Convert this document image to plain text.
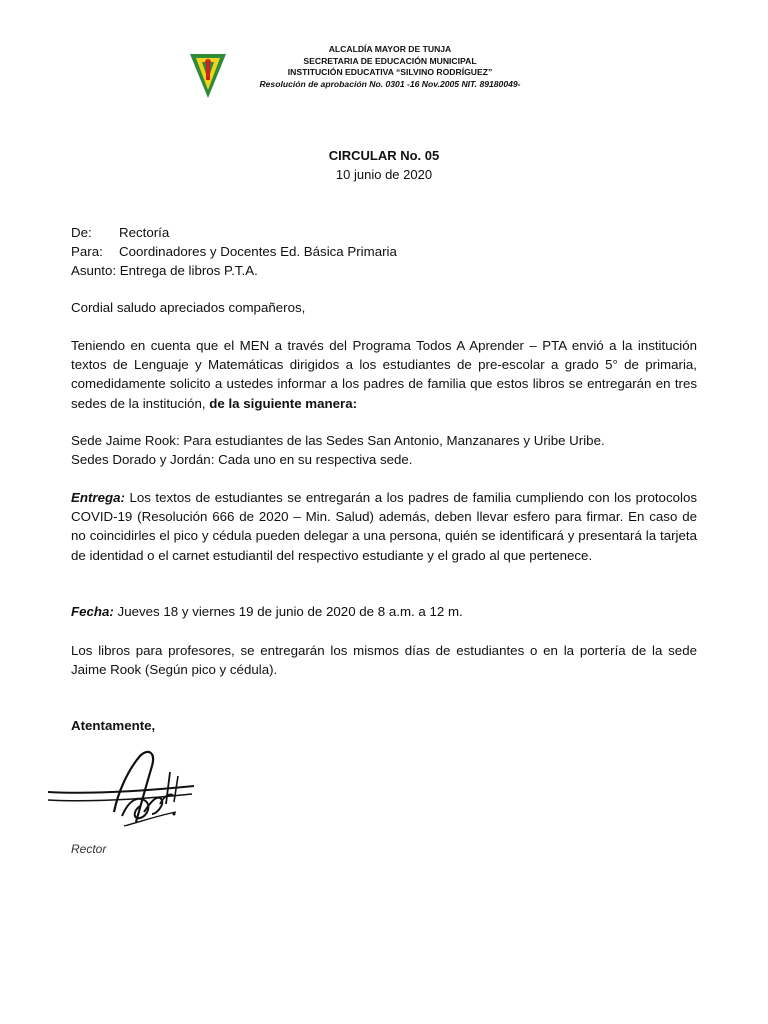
ALCALDÍA MAYOR DE TUNJA
SECRETARIA DE EDUCACIÓN MUNICIPAL
INSTITUCIÓN EDUCATIVA “SILVINO RODRÍGUEZ”
Resolución de aprobación No. 0301 -16 Nov.2005 NIT. 89180049-
CIRCULAR No. 05
10 junio de 2020
De:	Rectoría
Para:	Coordinadores y Docentes Ed. Básica Primaria
Asunto: Entrega de libros P.T.A.
Cordial saludo apreciados compañeros,
Teniendo en cuenta que el MEN a través del Programa Todos A Aprender – PTA envió a la institución textos de Lenguaje y Matemáticas dirigidos a los estudiantes de pre-escolar a grado 5° de primaria, comedidamente solicito a ustedes informar a los padres de familia que estos libros se entregarán en tres sedes de la institución, de la siguiente manera:
Sede Jaime Rook: Para estudiantes de las Sedes San Antonio, Manzanares y Uribe Uribe.
Sedes Dorado y Jordán: Cada uno en su respectiva sede.
Entrega: Los textos de estudiantes se entregarán a los padres de familia cumpliendo con los protocolos COVID-19 (Resolución 666 de 2020 – Min. Salud) además, deben llevar esfero para firmar. En caso de no coincidirles el pico y cédula pueden delegar a una persona, quién se identificará y presentará la tarjeta de identidad o el carnet estudiantil del respectivo estudiante y el grado al que pertenece.
Fecha: Jueves 18 y viernes 19 de junio de 2020 de 8 a.m. a 12 m.
Los libros para profesores, se entregarán los mismos días de estudiantes o en la portería de la sede Jaime Rook (Según pico y cédula).
Atentamente,
Rector
